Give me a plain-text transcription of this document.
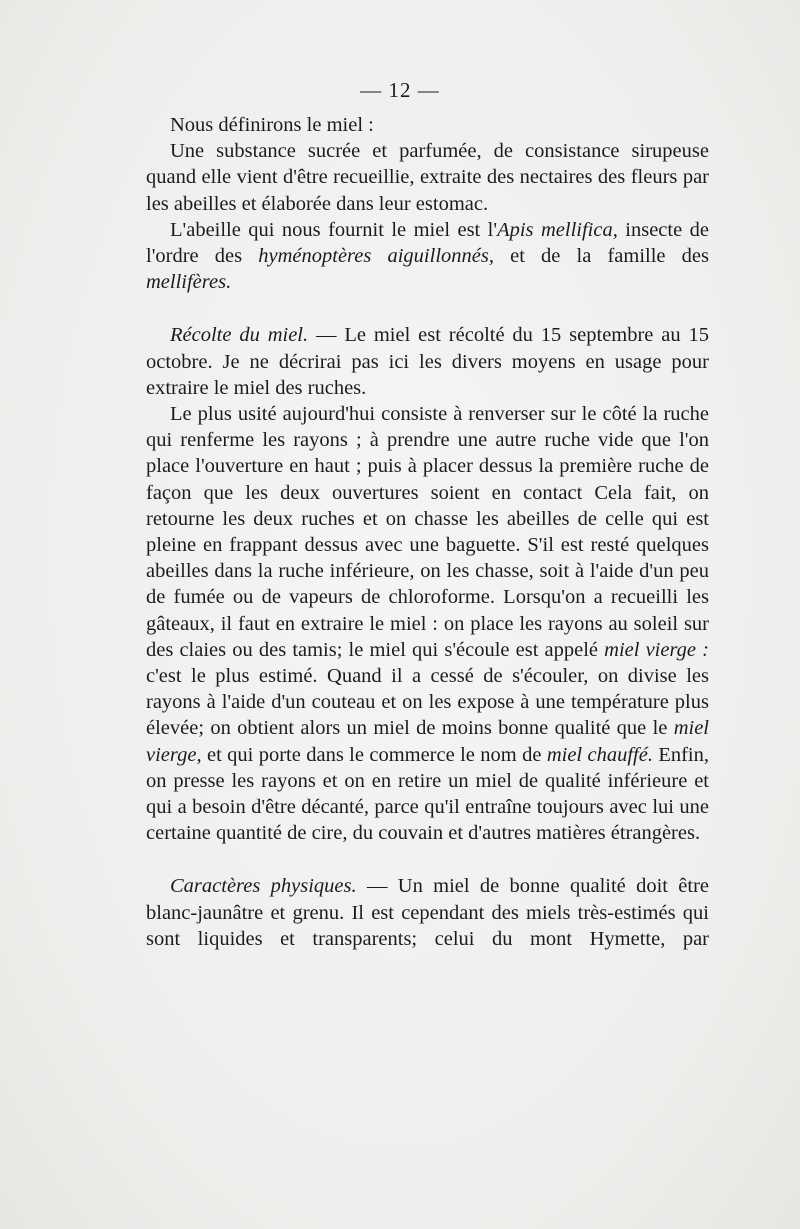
— 12 —

Nous définirons le miel :

Une substance sucrée et parfumée, de consistance sirupeuse quand elle vient d'être recueillie, extraite des nectaires des fleurs par les abeilles et élaborée dans leur estomac.

L'abeille qui nous fournit le miel est l'Apis mellifica, insecte de l'ordre des hyménoptères aiguillonnés, et de la famille des mellifères.

Récolte du miel. — Le miel est récolté du 15 septembre au 15 octobre. Je ne décrirai pas ici les divers moyens en usage pour extraire le miel des ruches.

Le plus usité aujourd'hui consiste à renverser sur le côté la ruche qui renferme les rayons ; à prendre une autre ruche vide que l'on place l'ouverture en haut ; puis à placer dessus la première ruche de façon que les deux ouvertures soient en contact Cela fait, on retourne les deux ruches et on chasse les abeilles de celle qui est pleine en frappant dessus avec une baguette. S'il est resté quelques abeilles dans la ruche inférieure, on les chasse, soit à l'aide d'un peu de fumée ou de vapeurs de chloroforme. Lorsqu'on a recueilli les gâteaux, il faut en extraire le miel : on place les rayons au soleil sur des claies ou des tamis; le miel qui s'écoule est appelé miel vierge : c'est le plus estimé. Quand il a cessé de s'écouler, on divise les rayons à l'aide d'un couteau et on les expose à une température plus élevée; on obtient alors un miel de moins bonne qualité que le miel vierge, et qui porte dans le commerce le nom de miel chauffé. Enfin, on presse les rayons et on en retire un miel de qualité inférieure et qui a besoin d'être décanté, parce qu'il entraîne toujours avec lui une certaine quantité de cire, du couvain et d'autres matières étrangères.

Caractères physiques. — Un miel de bonne qualité doit être blanc-jaunâtre et grenu. Il est cependant des miels très-estimés qui sont liquides et transparents; celui du mont Hymette, par
